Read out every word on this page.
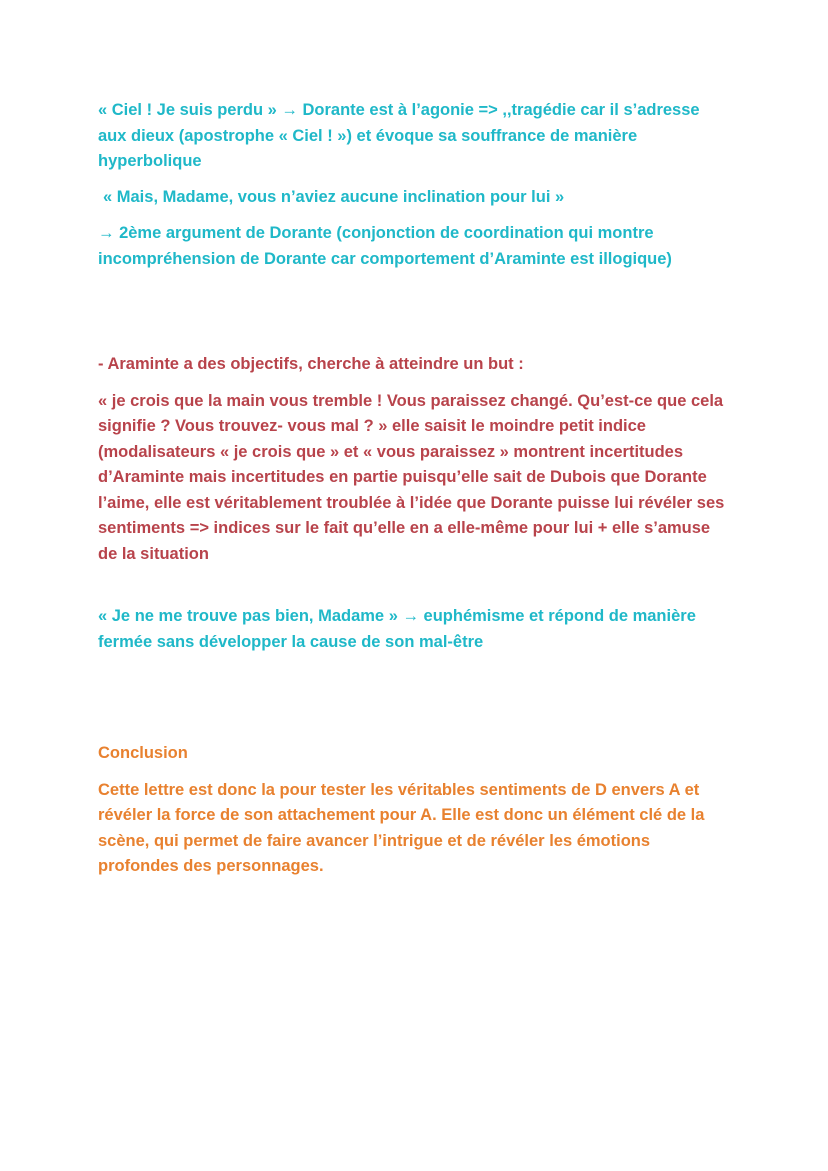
« Ciel ! Je suis perdu » → Dorante est à l’agonie => ,,tragédie car il s’adresse aux dieux (apostrophe « Ciel ! ») et évoque sa souffrance de manière hyperbolique

« Mais, Madame, vous n’aviez aucune inclination pour lui »

→ 2ème argument de Dorante (conjonction de coordination qui montre incompréhension de Dorante car comportement d’Araminte est illogique)

- Araminte a des objectifs, cherche à atteindre un but :

« je crois que la main vous tremble ! Vous paraissez changé. Qu’est-ce que cela signifie ? Vous trouvez- vous mal ? » elle saisit le moindre petit indice (modalisateurs « je crois que » et « vous paraissez » montrent incertitudes d’Araminte mais incertitudes en partie puisqu’elle sait de Dubois que Dorante l’aime, elle est véritablement troublée à l’idée que Dorante puisse lui révéler ses sentiments => indices sur le fait qu’elle en a elle-même pour lui + elle s’amuse de la situation

« Je ne me trouve pas bien, Madame » → euphémisme et répond de manière fermée sans développer la cause de son mal-être

Conclusion

Cette lettre est donc la pour tester les véritables sentiments de D envers A et révéler la force de son attachement pour A. Elle est donc un élément clé de la scène, qui permet de faire avancer l’intrigue et de révéler les émotions profondes des personnages.
